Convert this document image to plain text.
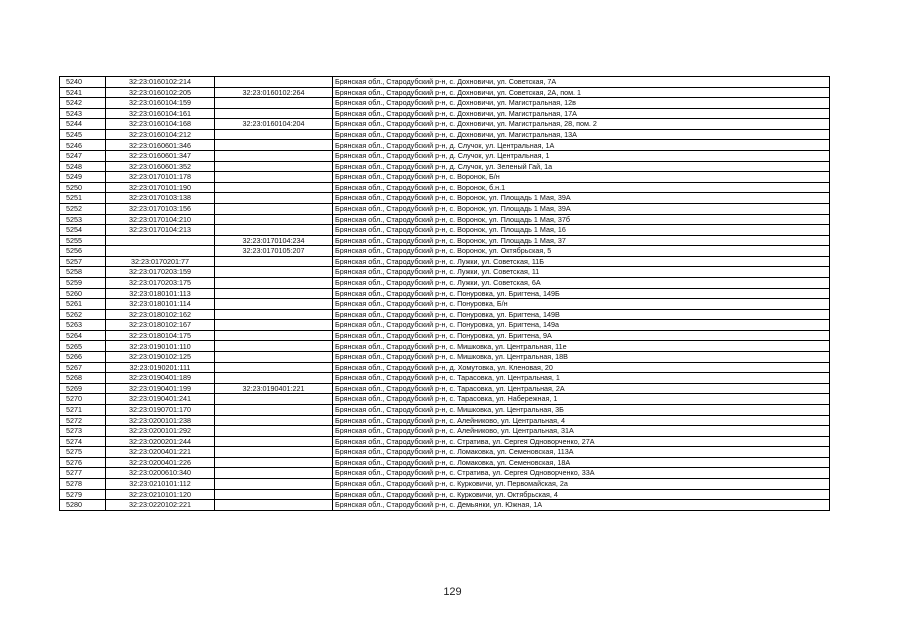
5240	32:23:0160102:214		Брянская обл., Стародубский р-н, с. Дохновичи, ул. Советская, 7А
5241	32:23:0160102:205	32:23:0160102:264	Брянская обл., Стародубский р-н, с. Дохновичи, ул. Советская, 2А, пом. 1
5242	32:23:0160104:159		Брянская обл., Стародубский р-н, с. Дохновичи, ул. Магистральная, 12в
5243	32:23:0160104:161		Брянская обл., Стародубский р-н, с. Дохновичи, ул. Магистральная, 17А
5244	32:23:0160104:168	32:23:0160104:204	Брянская обл., Стародубский р-н, с. Дохновичи, ул. Магистральная, 28, пом. 2
5245	32:23:0160104:212		Брянская обл., Стародубский р-н, с. Дохновичи, ул. Магистральная, 13А
5246	32:23:0160601:346		Брянская обл., Стародубский р-н, д. Случок, ул. Центральная, 1А
5247	32:23:0160601:347		Брянская обл., Стародубский р-н, д. Случок, ул. Центральная, 1
5248	32:23:0160601:352		Брянская обл., Стародубский р-н, д. Случок, ул. Зеленый Гай, 1а
5249	32:23:0170101:178		Брянская обл., Стародубский р-н, с. Воронок, Б/н
5250	32:23:0170101:190		Брянская обл., Стародубский р-н, с. Воронок, б.н.1
5251	32:23:0170103:138		Брянская обл., Стародубский р-н, с. Воронок, ул. Площадь 1 Мая, 39А
5252	32:23:0170103:156		Брянская обл., Стародубский р-н, с. Воронок, ул. Площадь 1 Мая, 39А
5253	32:23:0170104:210		Брянская обл., Стародубский р-н, с. Воронок, ул. Площадь 1 Мая, 37б
5254	32:23:0170104:213		Брянская обл., Стародубский р-н, с. Воронок, ул. Площадь 1 Мая, 16
5255		32:23:0170104:234	Брянская обл., Стародубский р-н, с. Воронок, ул. Площадь 1 Мая, 37
5256		32:23:0170105:207	Брянская обл., Стародубский р-н, с. Воронок, ул. Октябрьская, 5
5257	32:23:0170201:77		Брянская обл., Стародубский р-н, с. Лужки, ул. Советская, 11Б
5258	32:23:0170203:159		Брянская обл., Стародубский р-н, с. Лужки, ул. Советская, 11
5259	32:23:0170203:175		Брянская обл., Стародубский р-н, с. Лужки, ул. Советская, 6А
5260	32:23:0180101:113		Брянская обл., Стародубский р-н, с. Понуровка, ул. Бригтена, 149Б
5261	32:23:0180101:114		Брянская обл., Стародубский р-н, с. Понуровка, Б/н
5262	32:23:0180102:162		Брянская обл., Стародубский р-н, с. Понуровка, ул. Бригтена, 149В
5263	32:23:0180102:167		Брянская обл., Стародубский р-н, с. Понуровка, ул. Бригтена, 149а
5264	32:23:0180104:175		Брянская обл., Стародубский р-н, с. Понуровка, ул. Бригтена, 9А
5265	32:23:0190101:110		Брянская обл., Стародубский р-н, с. Мишковка, ул. Центральная, 11е
5266	32:23:0190102:125		Брянская обл., Стародубский р-н, с. Мишковка, ул. Центральная, 18В
5267	32:23:0190201:111		Брянская обл., Стародубский р-н, д. Хомутовка, ул. Кленовая, 20
5268	32:23:0190401:189		Брянская обл., Стародубский р-н, с. Тарасовка, ул. Центральная, 1
5269	32:23:0190401:199	32:23:0190401:221	Брянская обл., Стародубский р-н, с. Тарасовка, ул. Центральная, 2А
5270	32:23:0190401:241		Брянская обл., Стародубский р-н, с. Тарасовка, ул. Набережная, 1
5271	32:23:0190701:170		Брянская обл., Стародубский р-н, с. Мишковка, ул. Центральная, 3Б
5272	32:23:0200101:238		Брянская обл., Стародубский р-н, с. Алейниково, ул. Центральная, 4
5273	32:23:0200101:292		Брянская обл., Стародубский р-н, с. Алейниково, ул. Центральная, 31А
5274	32:23:0200201:244		Брянская обл., Стародубский р-н, с. Стратива, ул. Сергея Одноворченко, 27А
5275	32:23:0200401:221		Брянская обл., Стародубский р-н, с. Ломаковка, ул. Семеновская, 113А
5276	32:23:0200401:226		Брянская обл., Стародубский р-н, с. Ломаковка, ул. Семеновская, 18А
5277	32:23:0200610:340		Брянская обл., Стародубский р-н, с. Стратива, ул. Сергея Одноворченко, 33А
5278	32:23:0210101:112		Брянская обл., Стародубский р-н, с. Курковичи, ул. Первомайская, 2а
5279	32:23:0210101:120		Брянская обл., Стародубский р-н, с. Курковичи, ул. Октябрьская, 4
5280	32:23:0220102:221		Брянская обл., Стародубский р-н, с. Демьянки, ул. Южная, 1А
129
